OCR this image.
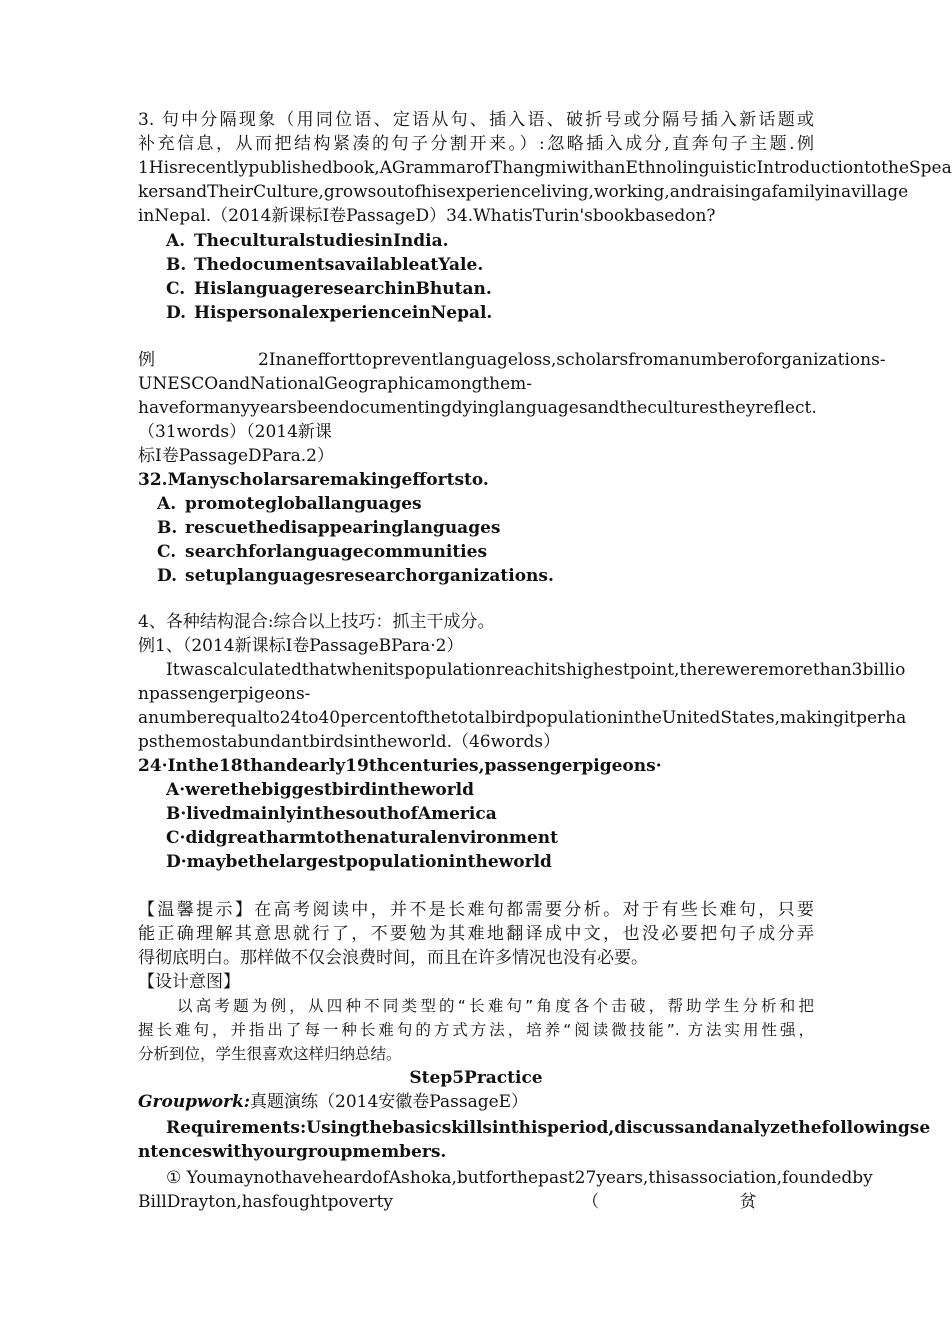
3. 句中分隔现象（用同位语、定语从句、插入语、破折号或分隔号插入新话题或
补充信息，从而把结构紧凑的句子分割开来。）:忽略插入成分,直奔句子主题.例
1Hisrecentlypublishedbook,AGrammarofThangmiwithanEthnolinguisticIntroductiontotheSpea
kersandTheirCulture,growsoutofhisexperienceliving,working,andraisingafamilyinavillage
inNepal.（2014新课标Ⅰ卷PassageD）34.WhatisTurin'sbookbasedon?
A. TheculturalstudiesinIndia.
B. ThedocumentsavailableatYale.
C. HislanguageresearchinBhutan.
D. HispersonalexperienceinNepal.
例	2Inanefforttopreventlanguageloss,scholarsfromanumberoforganizations-
UNESCOandNationalGeographicamongthem-
haveformanyyearsbeendocumentingdyinglanguagesandtheculturestheyreflect.
（31words）（2014新课
标I卷PassageDPara.2）
32.Manyscholarsaremakingeffortsto.
A. promotegloballanguages
B. rescuethedisappearinglanguages
C. searchforlanguagecommunities
D. setuplanguagesresearchorganizations.
4、各种结构混合:综合以上技巧：抓主干成分。
例1、（2014新课标I卷PassageBPara·2）
Itwascalculatedthatwhenitspopulationreachitshighestpoint,thereweremorethan3billio
npassengerpigeons-
anumberequalto24to40percentofthetotalbirdpopulationintheUnitedStates,makingitperha
psthemostabundantbirdsintheworld.（46words）
24·Inthe18thandearly19thcenturies,passengerpigeons·
A·werethebiggestbirdintheworld
B·livedmainlyinthesouthofAmerica
C·didgreatharmtothenaturalenvironment
D·maybethelargestpopulationintheworld
【温馨提示】在高考阅读中，并不是长难句都需要分析。对于有些长难句，只要
能正确理解其意思就行了，不要勉为其难地翻译成中文，也没必要把句子成分弄
得彻底明白。那样做不仅会浪费时间，而且在许多情况也没有必要。
【设计意图】
以高考题为例，从四种不同类型的“长难句”角度各个击破，帮助学生分析和把
握长难句，并指出了每一种长难句的方式方法，培养“阅读微技能”. 方法实用性强，
分析到位，学生很喜欢这样归纳总结。
Step5Practice
Groupwork:真题演练（2014安徽卷PassageE）
Requirements:Usingthebasicskillsinthisperiod,discussandanalyzethefollowingse
ntenceswithyourgroupmembers.
① YoumaynothaveheardofAshoka,butforthepast27years,thisassociation,foundedby
BillDrayton,hasfoughtpoverty                                   （                          贫
